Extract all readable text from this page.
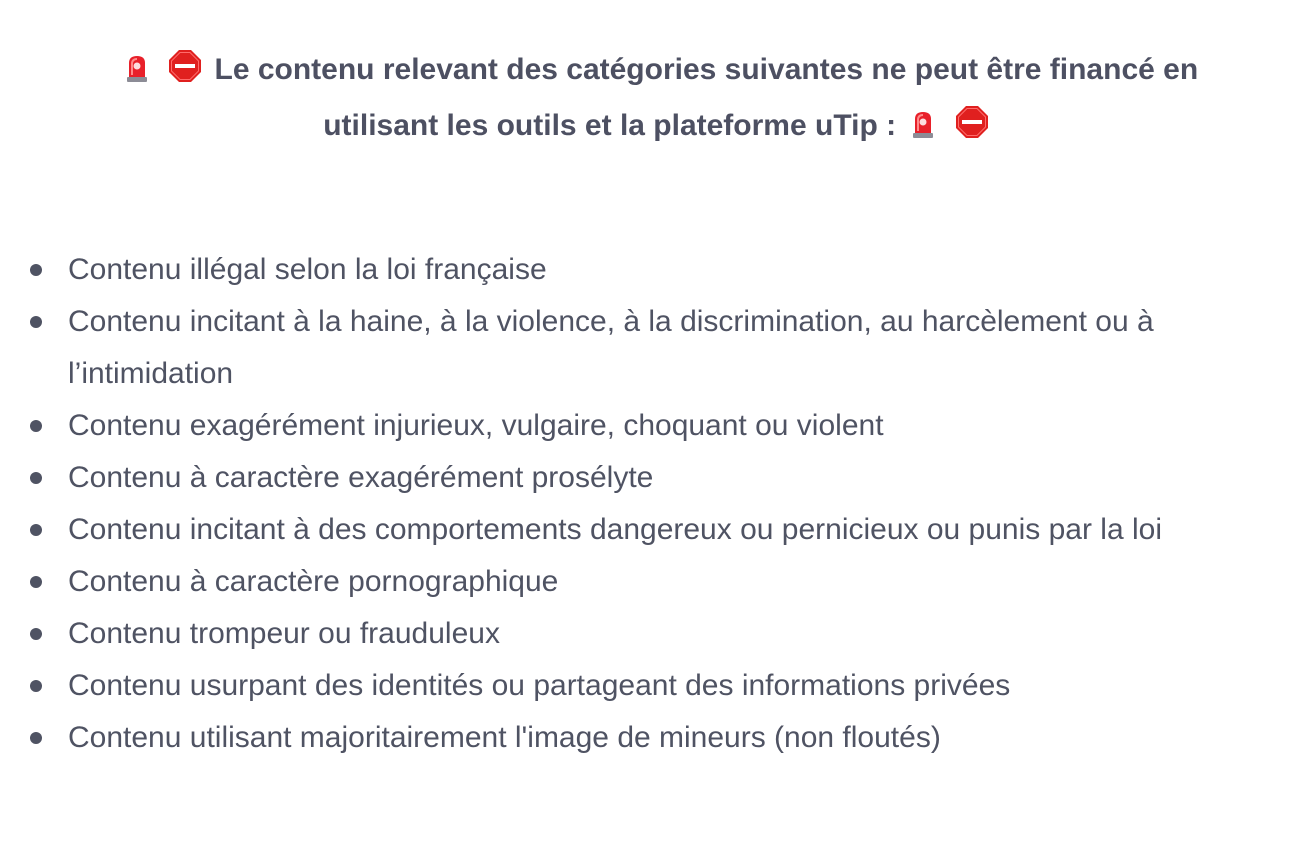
Le contenu relevant des catégories suivantes ne peut être financé en
utilisant les outils et la plateforme uTip :
Contenu illégal selon la loi française
Contenu incitant à la haine, à la violence, à la discrimination, au harcèlement ou à l’intimidation
Contenu exagérément injurieux, vulgaire, choquant ou violent
Contenu à caractère exagérément prosélyte
Contenu incitant à des comportements dangereux ou pernicieux ou punis par la loi
Contenu à caractère pornographique
Contenu trompeur ou frauduleux
Contenu usurpant des identités ou partageant des informations privées
Contenu utilisant majoritairement l'image de mineurs (non floutés)
